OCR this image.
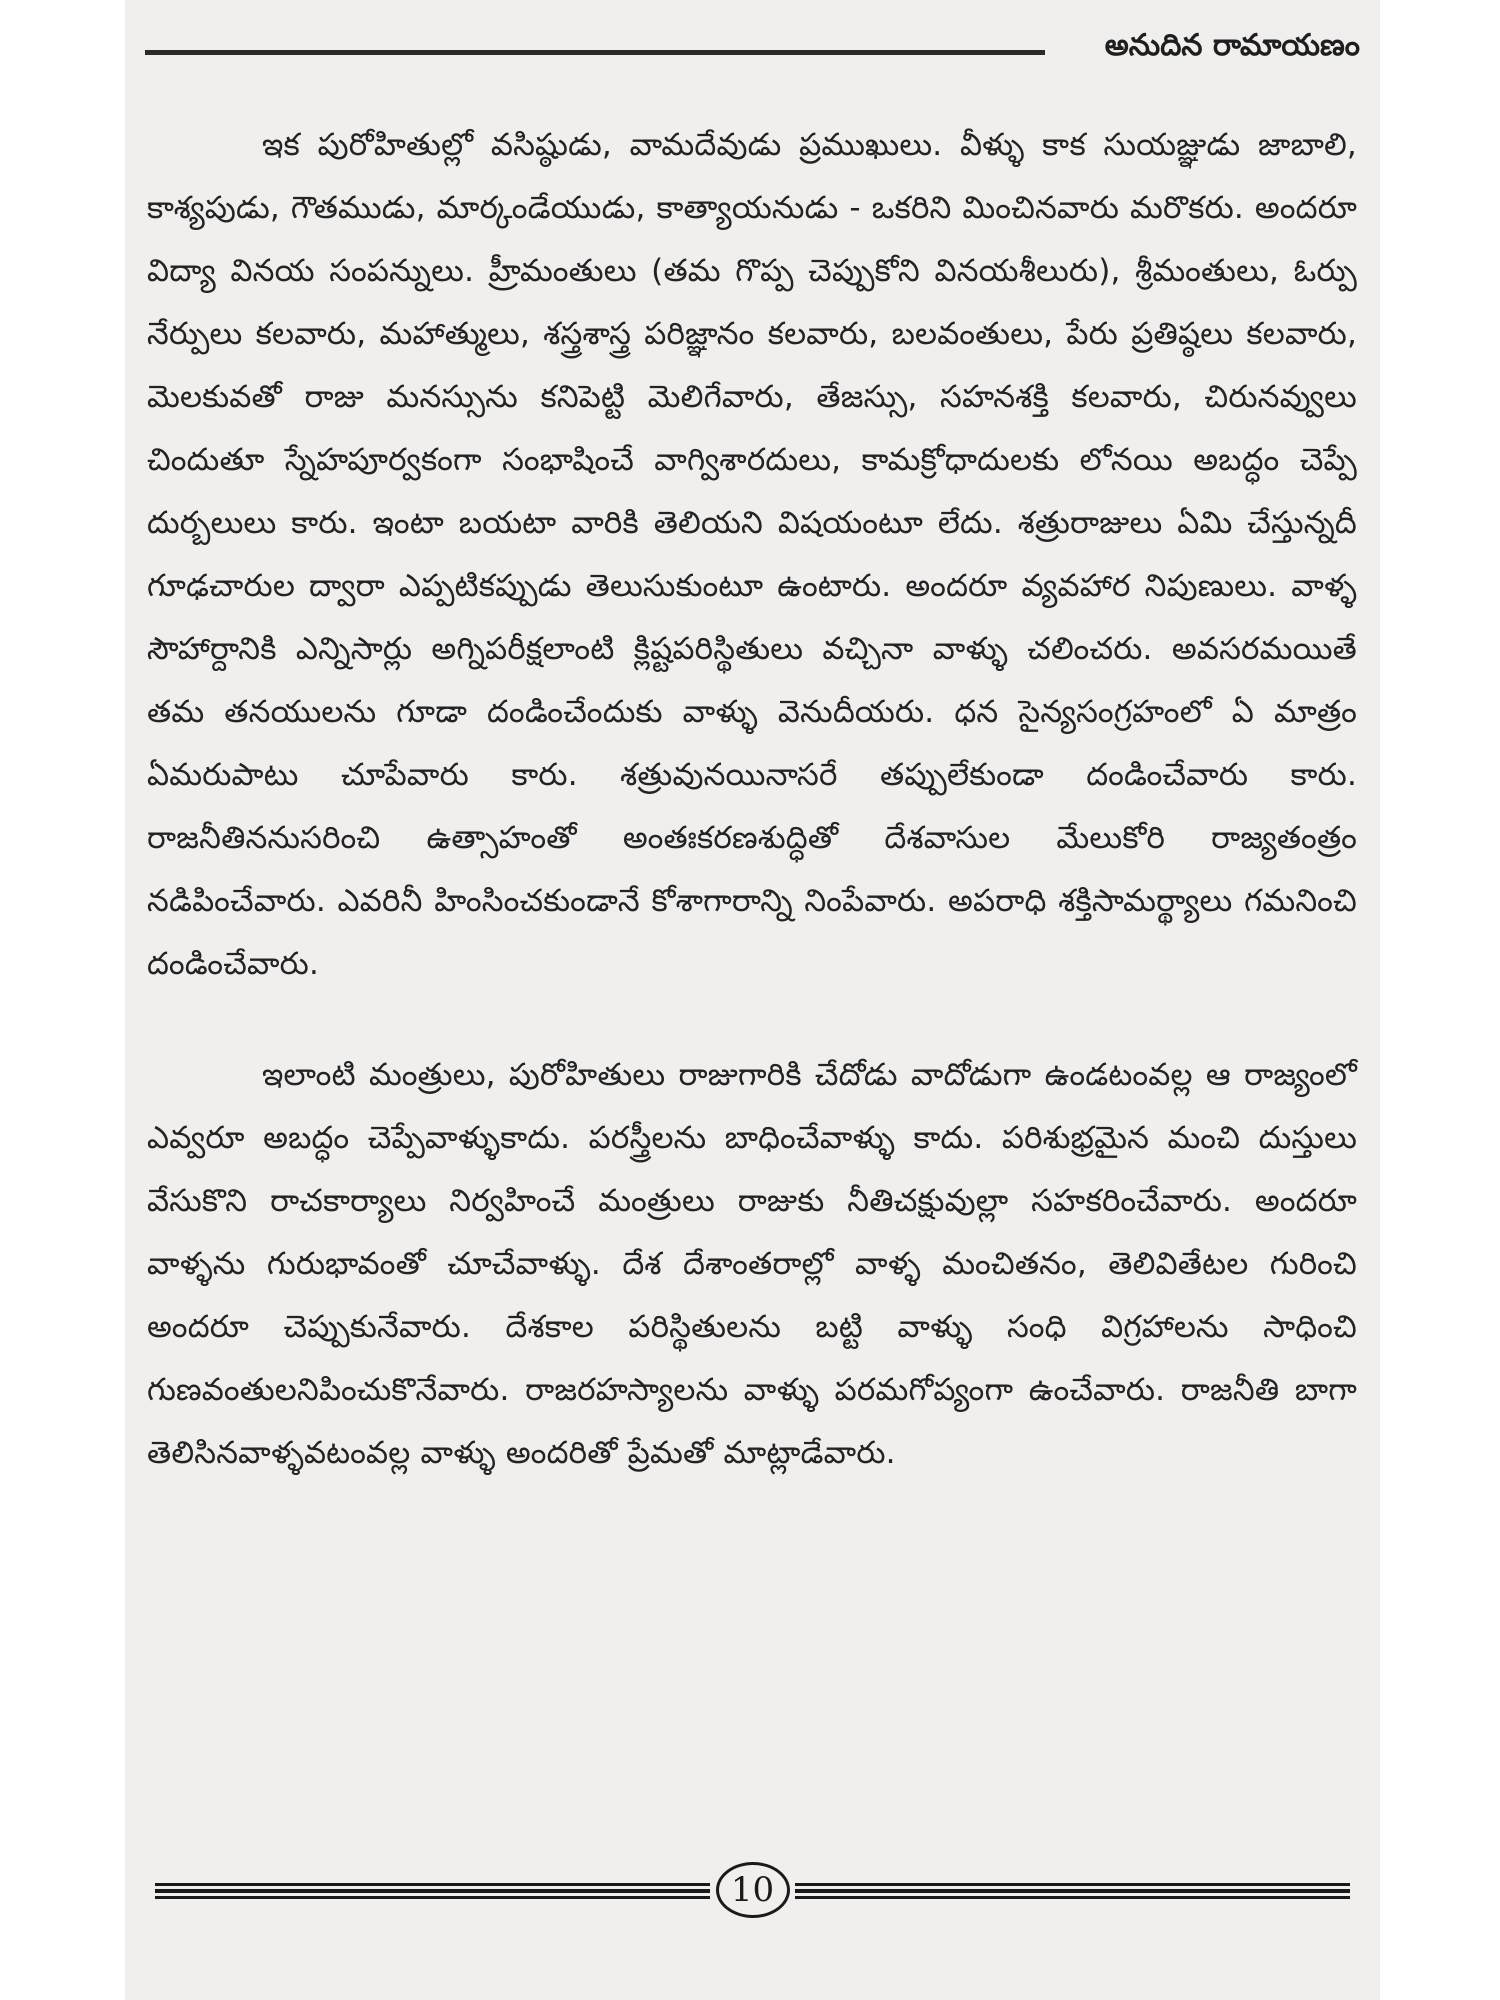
అనుదిన రామాయణం

ఇక పురోహితుల్లో వసిష్ఠుడు, వామదేవుడు ప్రముఖులు. వీళ్ళు కాక సుయజ్ఞుడు జాబాలి, కాశ్యపుడు, గౌతముడు, మార్కండేయుడు, కాత్యాయనుడు - ఒకరిని మించినవారు మరొకరు. అందరూ విద్యా వినయ సంపన్నులు. హ్రీమంతులు (తమ గొప్ప చెప్పుకోని వినయశీలురు), శ్రీమంతులు, ఓర్పు నేర్పులు కలవారు, మహాత్ములు, శస్త్రశాస్త్ర పరిజ్ఞానం కలవారు, బలవంతులు, పేరు ప్రతిష్ఠలు కలవారు, మెలకువతో రాజు మనస్సును కనిపెట్టి మెలిగేవారు, తేజస్సు, సహనశక్తి కలవారు, చిరునవ్వులు చిందుతూ స్నేహపూర్వకంగా సంభాషించే వాగ్విశారదులు, కామక్రోధాదులకు లోనయి అబద్ధం చెప్పే దుర్బలులు కారు. ఇంటా బయటా వారికి తెలియని విషయంటూ లేదు. శత్రురాజులు ఏమి చేస్తున్నదీ గూఢచారుల ద్వారా ఎప్పటికప్పుడు తెలుసుకుంటూ ఉంటారు. అందరూ వ్యవహార నిపుణులు. వాళ్ళ సౌహార్దానికి ఎన్నిసార్లు అగ్నిపరీక్షలాంటి క్లిష్టపరిస్థితులు వచ్చినా వాళ్ళు చలించరు. అవసరమయితే తమ తనయులను గూడా దండించేందుకు వాళ్ళు వెనుదీయరు. ధన సైన్యసంగ్రహంలో ఏ మాత్రం ఏమరుపాటు చూపేవారు కారు. శత్రువునయినాసరే తప్పులేకుండా దండించేవారు కారు. రాజనీతిననుసరించి ఉత్సాహంతో అంతఃకరణశుద్ధితో దేశవాసుల మేలుకోరి రాజ్యతంత్రం నడిపించేవారు. ఎవరినీ హింసించకుండానే కోశాగారాన్ని నింపేవారు. అపరాధి శక్తిసామర్థ్యాలు గమనించి దండించేవారు.

ఇలాంటి మంత్రులు, పురోహితులు రాజుగారికి చేదోడు వాదోడుగా ఉండటంవల్ల ఆ రాజ్యంలో ఎవ్వరూ అబద్ధం చెప్పేవాళ్ళుకాదు. పరస్త్రీలను బాధించేవాళ్ళు కాదు. పరిశుభ్రమైన మంచి దుస్తులు వేసుకొని రాచకార్యాలు నిర్వహించే మంత్రులు రాజుకు నీతిచక్షువుల్లా సహకరించేవారు. అందరూ వాళ్ళను గురుభావంతో చూచేవాళ్ళు. దేశ దేశాంతరాల్లో వాళ్ళ మంచితనం, తెలివితేటల గురించి అందరూ చెప్పుకునేవారు. దేశకాల పరిస్థితులను బట్టి వాళ్ళు సంధి విగ్రహాలను సాధించి గుణవంతులనిపించుకొనేవారు. రాజరహస్యాలను వాళ్ళు పరమగోప్యంగా ఉంచేవారు. రాజనీతి బాగా తెలిసినవాళ్ళవటంవల్ల వాళ్ళు అందరితో ప్రేమతో మాట్లాడేవారు.

10
